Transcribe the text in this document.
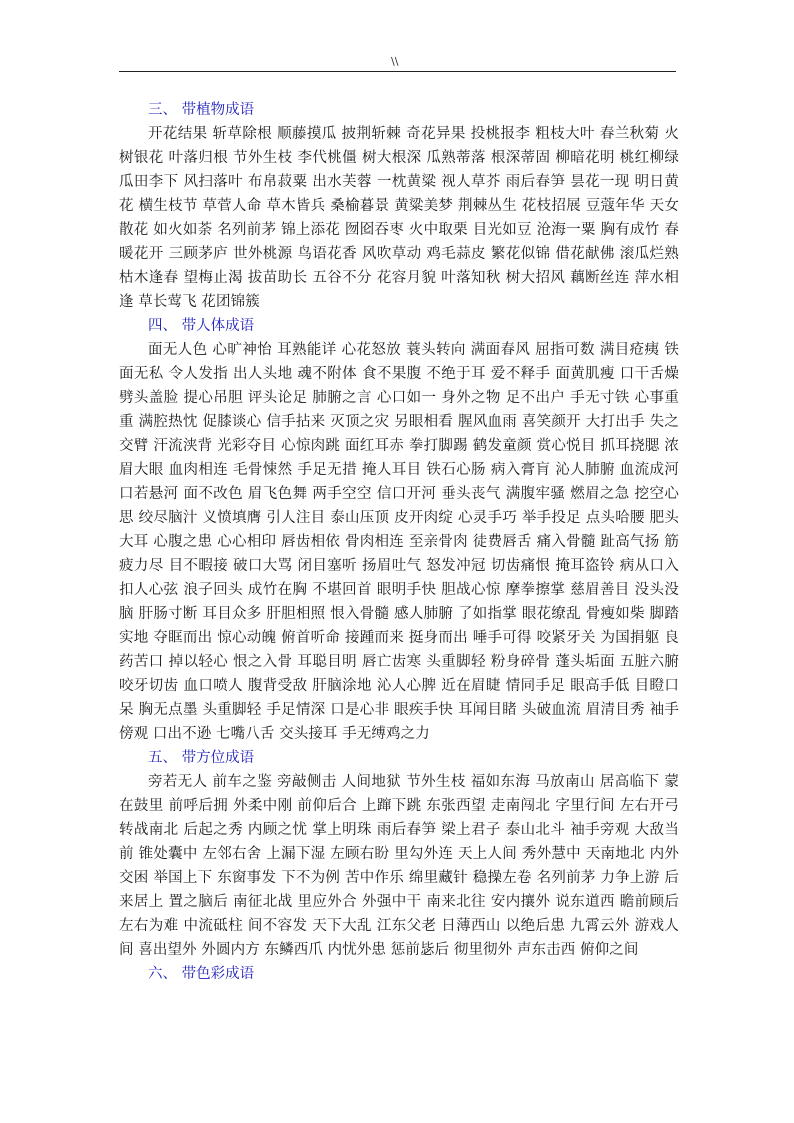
\\
三、 带植物成语

开花结果 斩草除根 顺藤摸瓜 披荆斩棘 奇花异果 投桃报李 粗枝大叶 春兰秋菊 火树银花 叶落归根 节外生枝 李代桃僵 树大根深 瓜熟蒂落 根深蒂固 柳暗花明 桃红柳绿 瓜田李下 风扫落叶 布帛菽粟 出水芙蓉 一枕黄粱 视人草芥 雨后春笋 昙花一现 明日黄花 横生枝节 草菅人命 草木皆兵 桑榆暮景 黄粱美梦 荆棘丛生 花枝招展 豆蔻年华 天女散花 如火如荼 名列前茅 锦上添花 囫囵吞枣 火中取栗 目光如豆 沧海一粟 胸有成竹 春暖花开 三顾茅庐 世外桃源 鸟语花香 风吹草动 鸡毛蒜皮 繁花似锦 借花献佛 滚瓜烂熟 枯木逢春 望梅止渴 拔苗助长 五谷不分 花容月貌 叶落知秋 树大招风 藕断丝连 萍水相逢 草长莺飞 花团锦簇

四、 带人体成语

面无人色 心旷神怡 耳熟能详 心花怒放 蓑头转向 满面春风 屈指可数 满目疮痍 铁面无私 令人发指 出人头地 魂不附体 食不果腹 不绝于耳 爱不释手 面黄肌瘦 口干舌燥 劈头盖脸 提心吊胆 评头论足 肺腑之言 心口如一 身外之物 足不出户 手无寸铁 心事重重 满腔热忱 促膝谈心 信手拈来 灭顶之灾 另眼相看 腥风血雨 喜笑颜开 大打出手 失之交臂 汗流浃背 光彩夺目 心惊肉跳 面红耳赤 拳打脚踢 鹤发童颜 赏心悦目 抓耳挠腮 浓眉大眼 血肉相连 毛骨悚然 手足无措 掩人耳目 铁石心肠 病入膏肓 沁人肺腑 血流成河 口若悬河 面不改色 眉飞色舞 两手空空 信口开河 垂头丧气 满腹牢骚 燃眉之急 挖空心思 绞尽脑汁 义愤填膺 引人注目 泰山压顶 皮开肉绽 心灵手巧 举手投足 点头哈腰 肥头大耳 心腹之患 心心相印 唇齿相依 骨肉相连 至亲骨肉 徒费唇舌 痛入骨髓 趾高气扬 筋疲力尽 目不暇接 破口大骂 闭目塞听 扬眉吐气 怒发冲冠 切齿痛恨 掩耳盗铃 病从口入 扣人心弦 浪子回头 成竹在胸 不堪回首 眼明手快 胆战心惊 摩拳擦掌 慈眉善目 没头没脑 肝肠寸断 耳目众多 肝胆相照 恨入骨髓 感人肺腑 了如指掌 眼花缭乱 骨瘦如柴 脚踏实地 夺眶而出 惊心动魄 俯首听命 接踵而来 挺身而出 唾手可得 咬紧牙关 为国捐躯 良药苦口 掉以轻心 恨之入骨 耳聪目明 唇亡齿寒 头重脚轻 粉身碎骨 蓬头垢面 五脏六腑 咬牙切齿 血口喷人 腹背受敌 肝脑涂地 沁人心脾 近在眉睫 情同手足 眼高手低 目瞪口呆 胸无点墨 头重脚轻 手足情深 口是心非 眼疾手快 耳闻目睹 头破血流 眉清目秀 袖手傍观 口出不逊 七嘴八舌 交头接耳 手无缚鸡之力

五、 带方位成语

旁若无人 前车之鉴 旁敲侧击 人间地狱 节外生枝 福如东海 马放南山 居高临下 蒙在鼓里 前呼后拥 外柔中刚 前仰后合 上蹿下跳 东张西望 走南闯北 字里行间 左右开弓 转战南北 后起之秀 内顾之忧 掌上明珠 雨后春笋 梁上君子 泰山北斗 袖手旁观 大敌当前 锥处囊中 左邻右舍 上漏下湿 左顾右盼 里勾外连 天上人间 秀外慧中 天南地北 内外交困 举国上下 东窗事发 下不为例 苦中作乐 绵里藏针 稳操左卷 名列前茅 力争上游 后来居上 置之脑后 南征北战 里应外合 外强中干 南来北往 安内攘外 说东道西 瞻前顾后 左右为难 中流砥柱 间不容发 天下大乱 江东父老 日薄西山 以绝后患 九霄云外 游戏人间 喜出望外 外圆内方 东鳞西爪 内忧外患 惩前毖后 彻里彻外 声东击西 俯仰之间

六、 带色彩成语
